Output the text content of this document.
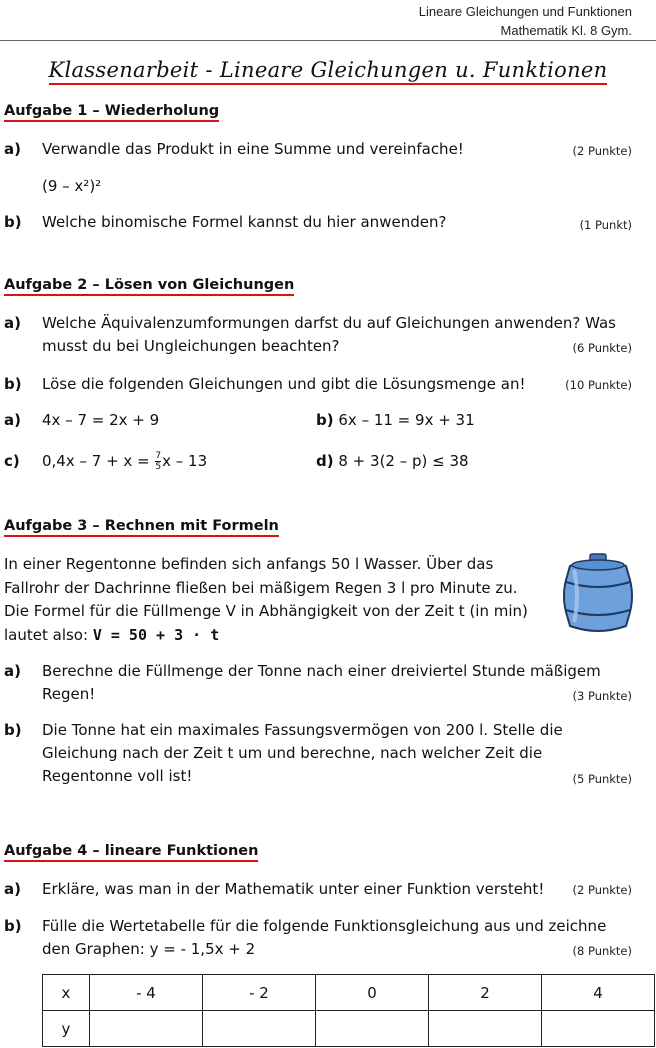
Lineare Gleichungen und Funktionen
Mathematik Kl. 8 Gym.
Klassenarbeit - Lineare Gleichungen u. Funktionen
Aufgabe 1 – Wiederholung
a) Verwandle das Produkt in eine Summe und vereinfache!	(2 Punkte)
(9 – x²)²
b) Welche binomische Formel kannst du hier anwenden?	(1 Punkt)
Aufgabe 2 – Lösen von Gleichungen
a) Welche Äquivalenzumformungen darfst du auf Gleichungen anwenden? Was
musst du bei Ungleichungen beachten?	(6 Punkte)
b) Löse die folgenden Gleichungen und gibt die Lösungsmenge an!	(10 Punkte)
a) 4x – 7 = 2x + 9	b) 6x – 11 = 9x + 31
c) $0,4x - 7 + x = \frac{7}{5}$ x – 13	d) 8 + 3(2 – p) ≤ 38
Aufgabe 3 – Rechnen mit Formeln
In einer Regentonne befinden sich anfangs 50 l Wasser. Über das
Fallrohr der Dachrinne fließen bei mäßigem Regen 3 l pro Minute zu.
Die Formel für die Füllmenge V in Abhängigkeit von der Zeit t (in min)
lautet also: V = 50 + 3 · t
a) Berechne die Füllmenge der Tonne nach einer dreiviertel Stunde mäßigem
Regen!	(3 Punkte)
b) Die Tonne hat ein maximales Fassungsvermögen von 200 l. Stelle die
Gleichung nach der Zeit t um und berechne, nach welcher Zeit die
Regentonne voll ist!	(5 Punkte)
Aufgabe 4 – lineare Funktionen
a) Erkläre, was man in der Mathematik unter einer Funktion versteht! (2 Punkte)
b) Fülle die Wertetabelle für die folgende Funktionsgleichung aus und zeichne
den Graphen: y = - 1,5x + 2	(8 Punkte)
x	- 4	- 2	0	2	4
y					
